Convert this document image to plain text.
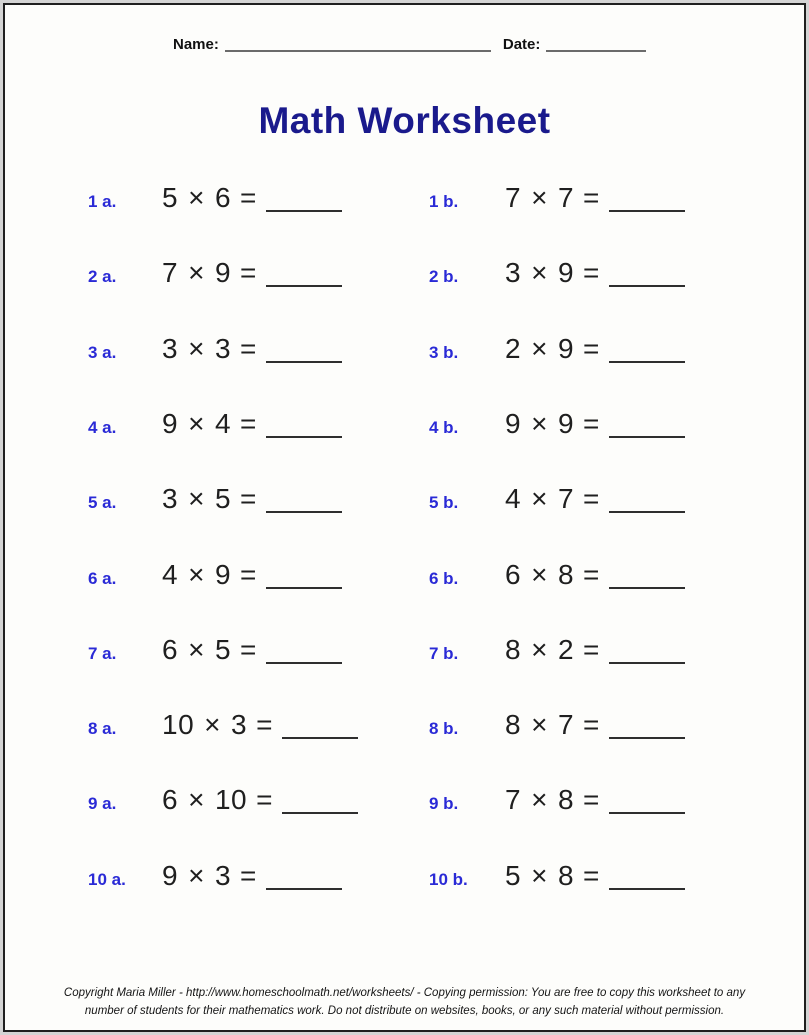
Name:	Date:
Math Worksheet
1 a. 5 × 6 =	1 b. 7 × 7 =
2 a. 7 × 9 =	2 b. 3 × 9 =
3 a. 3 × 3 =	3 b. 2 × 9 =
4 a. 9 × 4 =	4 b. 9 × 9 =
5 a. 3 × 5 =	5 b. 4 × 7 =
6 a. 4 × 9 =	6 b. 6 × 8 =
7 a. 6 × 5 =	7 b. 8 × 2 =
8 a. 10 × 3 =	8 b. 8 × 7 =
9 a. 6 × 10 =	9 b. 7 × 8 =
10 a. 9 × 3 =	10 b. 5 × 8 =
Copyright Maria Miller - http://www.homeschoolmath.net/worksheets/ - Copying permission: You are free to copy this worksheet to any
number of students for their mathematics work. Do not distribute on websites, books, or any such material without permission.
